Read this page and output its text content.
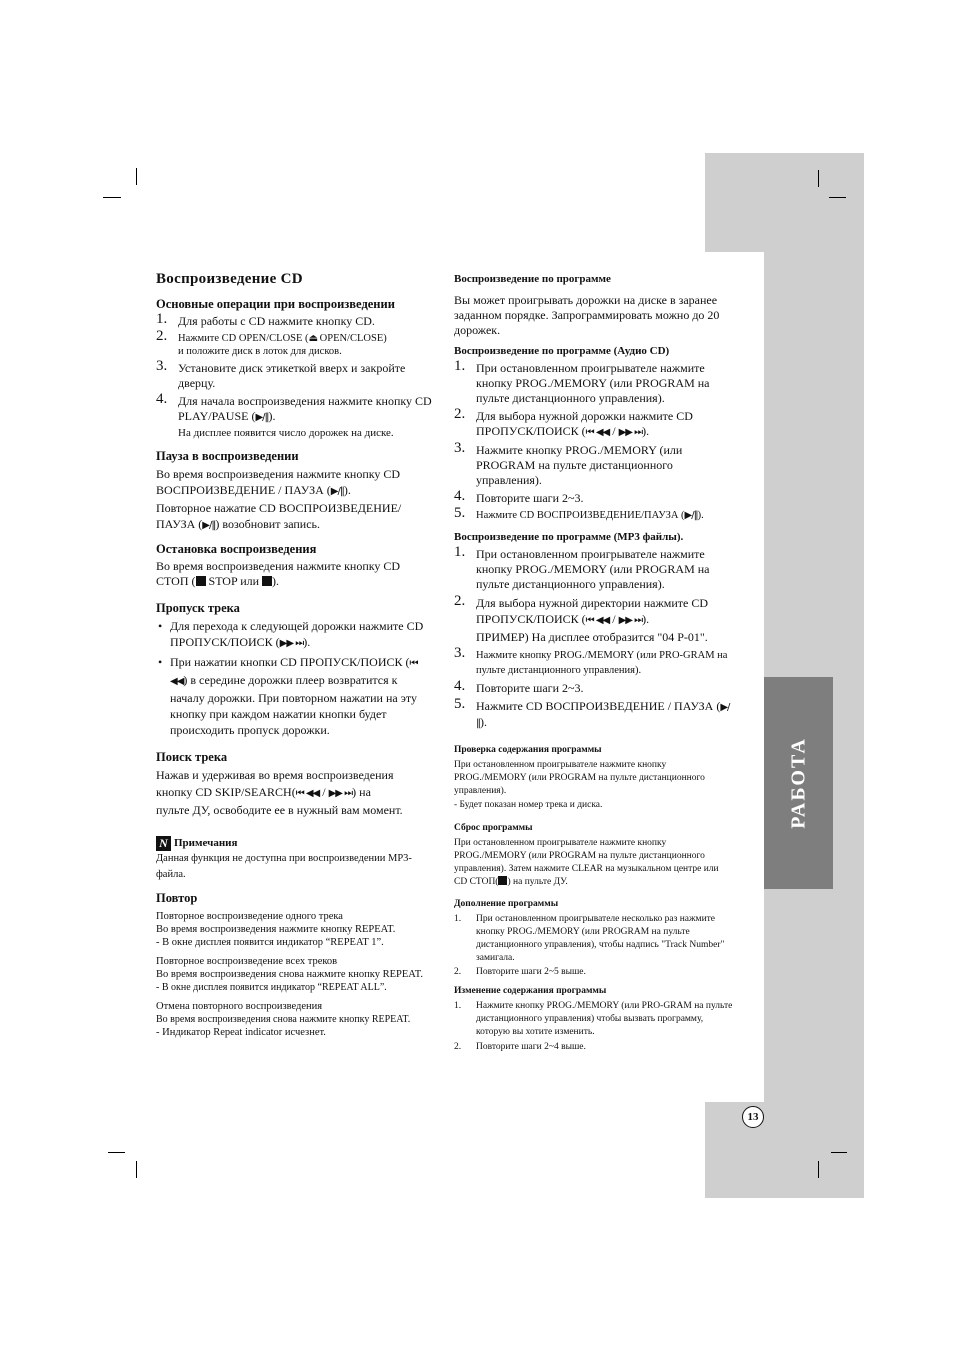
РАБОТА
13
Воспроизведение CD
Основные операции при воспроизведении
1. Для работы с CD нажмите кнопку CD.
2. Нажмите CD OPEN/CLOSE (⏏ OPEN/CLOSE)
и положите диск в лоток для дисков.
3. Установите диск этикеткой вверх и закройте дверцу.
4. Для начала воспроизведения нажмите кнопку CD PLAY/PAUSE (▶/‖).
На дисплее появится число дорожек на диске.
Пауза в воспроизведении
Во время воспроизведения нажмите кнопку CD
ВОСПРОИЗВЕДЕНИЕ / ПАУЗА (▶/‖).
Повторное нажатие CD ВОСПРОИЗВЕДЕНИЕ/
ПАУЗА (▶/‖) возобновит запись.
Остановка воспроизведения
Во время воспроизведения нажмите кнопку CD
СТОП ( STOP или ).
Пропуск трека
• Для перехода к следующей дорожки нажмите CD ПРОПУСК/ПОИСК (▶▶ ⏭).
• При нажатии кнопки CD ПРОПУСК/ПОИСК (⏮ ◀◀) в середине дорожки плеер возвратится к началу дорожки. При повторном нажатии на эту кнопку при каждом нажатии кнопки будет происходить пропуск дорожки.
Поиск трека
Нажав и удерживая во время воспроизведения
кнопку CD SKIP/SEARCH(⏮ ◀◀ / ▶▶ ⏭) на
пульте ДУ, освободите ее в нужный вам момент.
N Примечания
Данная функция не доступна при воспроизведении MP3-файла.
Повтор
Повторное воспроизведение одного трека
Во время воспроизведения нажмите кнопку REPEAT.
- В окне дисплея появится индикатор “REPEAT 1”.
Повторное воспроизведение всех треков
Во время воспроизведения снова нажмите кнопку REPEAT.
- В окне дисплея появится индикатор “REPEAT ALL”.
Отмена повторного воспроизведения
Во время воспроизведения снова нажмите кнопку REPEAT.
- Индикатор Repeat indicator исчезнет.
Воспроизведение по программе
Вы может проигрывать дорожки на диске в заранее заданном порядке. Запрограммировать можно до 20 дорожек.
Воспроизведение по программе (Аудио CD)
1. При остановленном проигрывателе нажмите кнопку PROG./MEMORY (или PROGRAM на пульте дистанционного управления).
2. Для выбора нужной дорожки нажмите CD ПРОПУСК/ПОИСК (⏮ ◀◀ / ▶▶ ⏭).
3. Нажмите кнопку PROG./MEMORY (или PROGRAM на пульте дистанционного управления).
4. Повторите шаги 2~3.
5. Нажмите CD ВОСПРОИЗВЕДЕНИЕ/ПАУЗА (▶/‖).
Воспроизведение по программе (MP3 файлы).
1. При остановленном проигрывателе нажмите кнопку PROG./MEMORY (или PROGRAM на пульте дистанционного управления).
2. Для выбора нужной директории нажмите CD ПРОПУСК/ПОИСК (⏮ ◀◀ / ▶▶ ⏭).
ПРИМЕР) На дисплее отобразится "04 P-01".
3. Нажмите кнопку PROG./MEMORY (или PRO-GRAM на пульте дистанционного управления).
4. Повторите шаги 2~3.
5. Нажмите CD ВОСПРОИЗВЕДЕНИЕ / ПАУЗА (▶/‖).
Проверка содержания программы
При остановленном проигрывателе нажмите кнопку PROG./MEMORY (или PROGRAM на пульте дистанционного управления).
- Будет показан номер трека и диска.
Сброс программы
При остановленном проигрывателе нажмите кнопку PROG./MEMORY (или PROGRAM на пульте дистанционного управления). Затем нажмите CLEAR на музыкальном центре или CD СТОП( ) на пульте ДУ.
Дополнение программы
1. При остановленном проигрывателе несколько раз нажмите кнопку PROG./MEMORY (или PROGRAM на пульте дистанционного управления), чтобы надпись "Track Number" замигала.
2. Повторите шаги 2~5 выше.
Изменение содержания программы
1. Нажмите кнопку PROG./MEMORY (или PRO-GRAM на пульте дистанционного управления) чтобы вызвать программу, которую вы хотите изменить.
2. Повторите шаги 2~4 выше.
